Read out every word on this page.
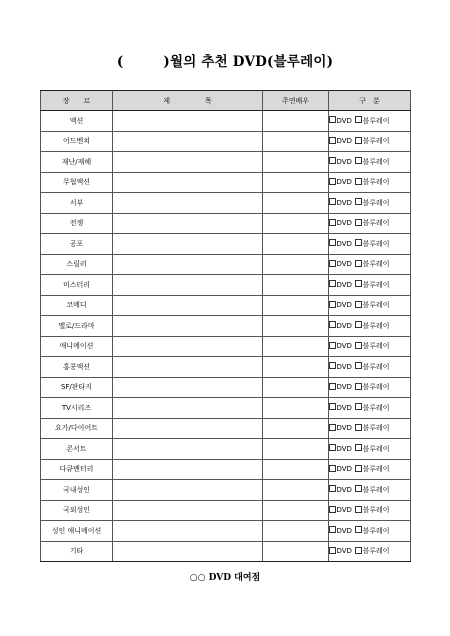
(	)월의 추천 DVD(블루레이)
장　　르	제　　　　　목	주연배우	구　분
액션			DVD 블루레이
어드벤쳐			DVD 블루레이
재난/재해			DVD 블루레이
무협액션			DVD 블루레이
서부			DVD 블루레이
전쟁			DVD 블루레이
공포			DVD 블루레이
스릴러			DVD 블루레이
미스터리			DVD 블루레이
코메디			DVD 블루레이
멜로/드라마			DVD 블루레이
애니메이션			DVD 블루레이
홍콩액션			DVD 블루레이
SF/판타지			DVD 블루레이
TV시리즈			DVD 블루레이
요가/다이어트			DVD 블루레이
콘서트			DVD 블루레이
다큐멘터리			DVD 블루레이
국내성인			DVD 블루레이
국외성인			DVD 블루레이
성인 애니메이션			DVD 블루레이
기타			DVD 블루레이
○○ DVD 대여점
